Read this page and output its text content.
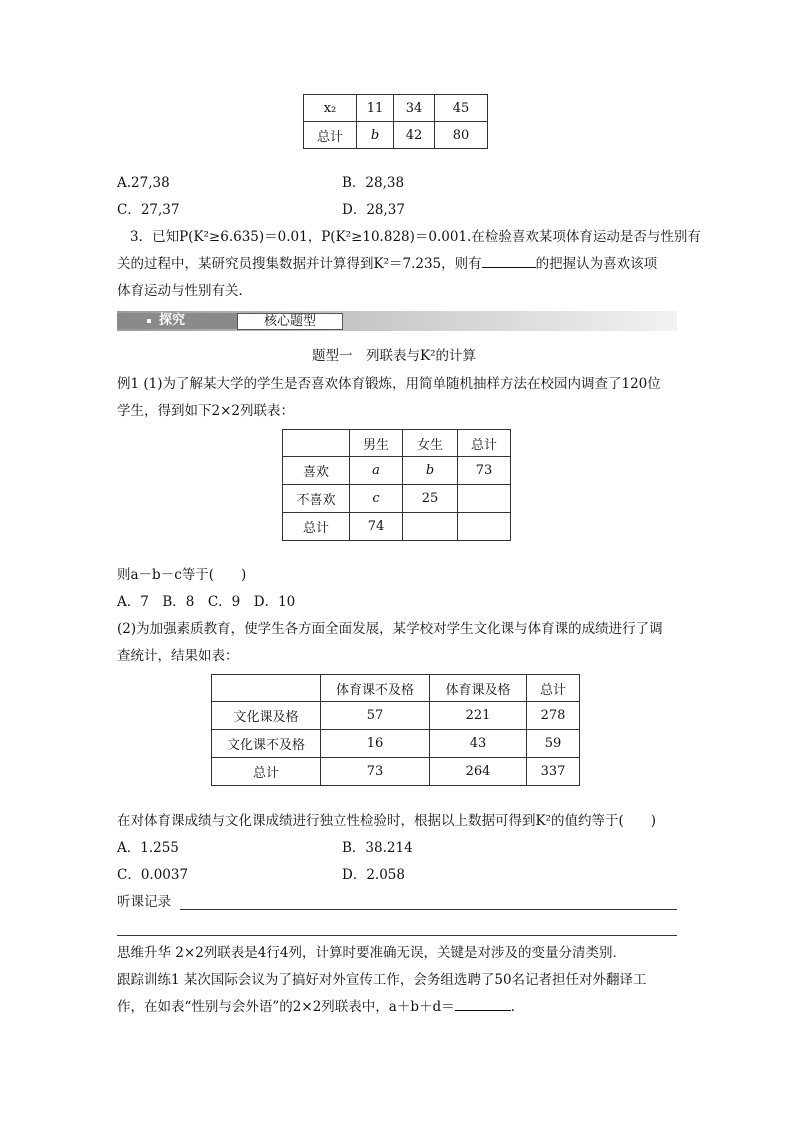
x₂	11	34	45
总计	b	42	80
A.27,38	B．28,38
C．27,37	D．28,37
3．已知P(K²≥6.635)＝0.01，P(K²≥10.828)＝0.001.在检验喜欢某项体育运动是否与性别有
关的过程中，某研究员搜集数据并计算得到K²＝7.235，则有	的把握认为喜欢该项
体育运动与性别有关．
探究	核心题型
题型一　列联表与K²的计算
例1 (1)为了解某大学的学生是否喜欢体育锻炼，用简单随机抽样方法在校园内调查了120位
学生，得到如下2×2列联表：
	男生	女生	总计
喜欢	a	b	73
不喜欢	c	25	
总计	74		
则a－b－c等于(　　)
A．7　B．8　C．9　D．10
(2)为加强素质教育，使学生各方面全面发展，某学校对学生文化课与体育课的成绩进行了调
查统计，结果如表：
	体育课不及格	体育课及格	总计
文化课及格	57	221	278
文化课不及格	16	43	59
总计	73	264	337
在对体育课成绩与文化课成绩进行独立性检验时，根据以上数据可得到K²的值约等于(　　)
A．1.255	B．38.214
C．0.0037	D．2.058
听课记录
思维升华 2×2列联表是4行4列，计算时要准确无误，关键是对涉及的变量分清类别．
跟踪训练1 某次国际会议为了搞好对外宣传工作，会务组选聘了50名记者担任对外翻译工
作，在如表“性别与会外语”的2×2列联表中，a＋b＋d＝	.
